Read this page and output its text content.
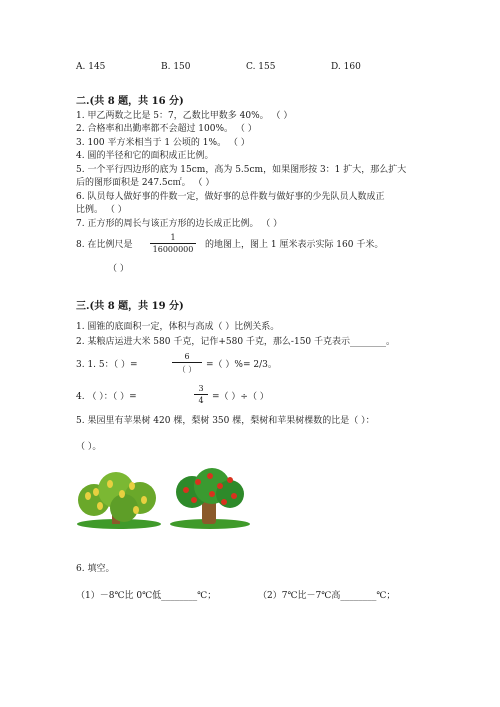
A. 145	B. 150	C. 155	D. 160
二.(共 8 题，共 16 分)
1. 甲乙两数之比是 5：7，乙数比甲数多 40%。 （ ）
2. 合格率和出勤率都不会超过 100%。 （ ）
3. 100 平方米相当于 1 公顷的 1%。 （ ）
4. 圆的半径和它的面积成正比例。
5. 一个平行四边形的底为 15cm，高为 5.5cm，如果图形按 3：1 扩大，那么扩大
后的图形面积是 247.5c㎡。 （ ）
6. 队员每人做好事的件数一定，做好事的总件数与做好事的少先队员人数成正
比例。 （ ）
7. 正方形的周长与该正方形的边长成正比例。 （ ）
8. 在比例尺是
1
16000000 的地图上，图上 1 厘米表示实际 160 千米。
（ ）
三.(共 8 题，共 19 分)
1. 圆锥的底面积一定，体积与高成（ ）比例关系。
2. 某粮店运进大米 580 千克，记作+580 千克，那么-150 千克表示________。
3. 1. 5：（ ）=
6
（ ）	=（ ）%= 2/3。
4. （ ）：（ ）=
3
4 =（ ）÷（ ）
5. 果园里有苹果树 420 棵，梨树 350 棵，梨树和苹果树棵数的比是（ ）：
（ ）。
6. 填空。
（1）－8℃比 0℃低________℃；	（2）7℃比－7℃高________℃；
